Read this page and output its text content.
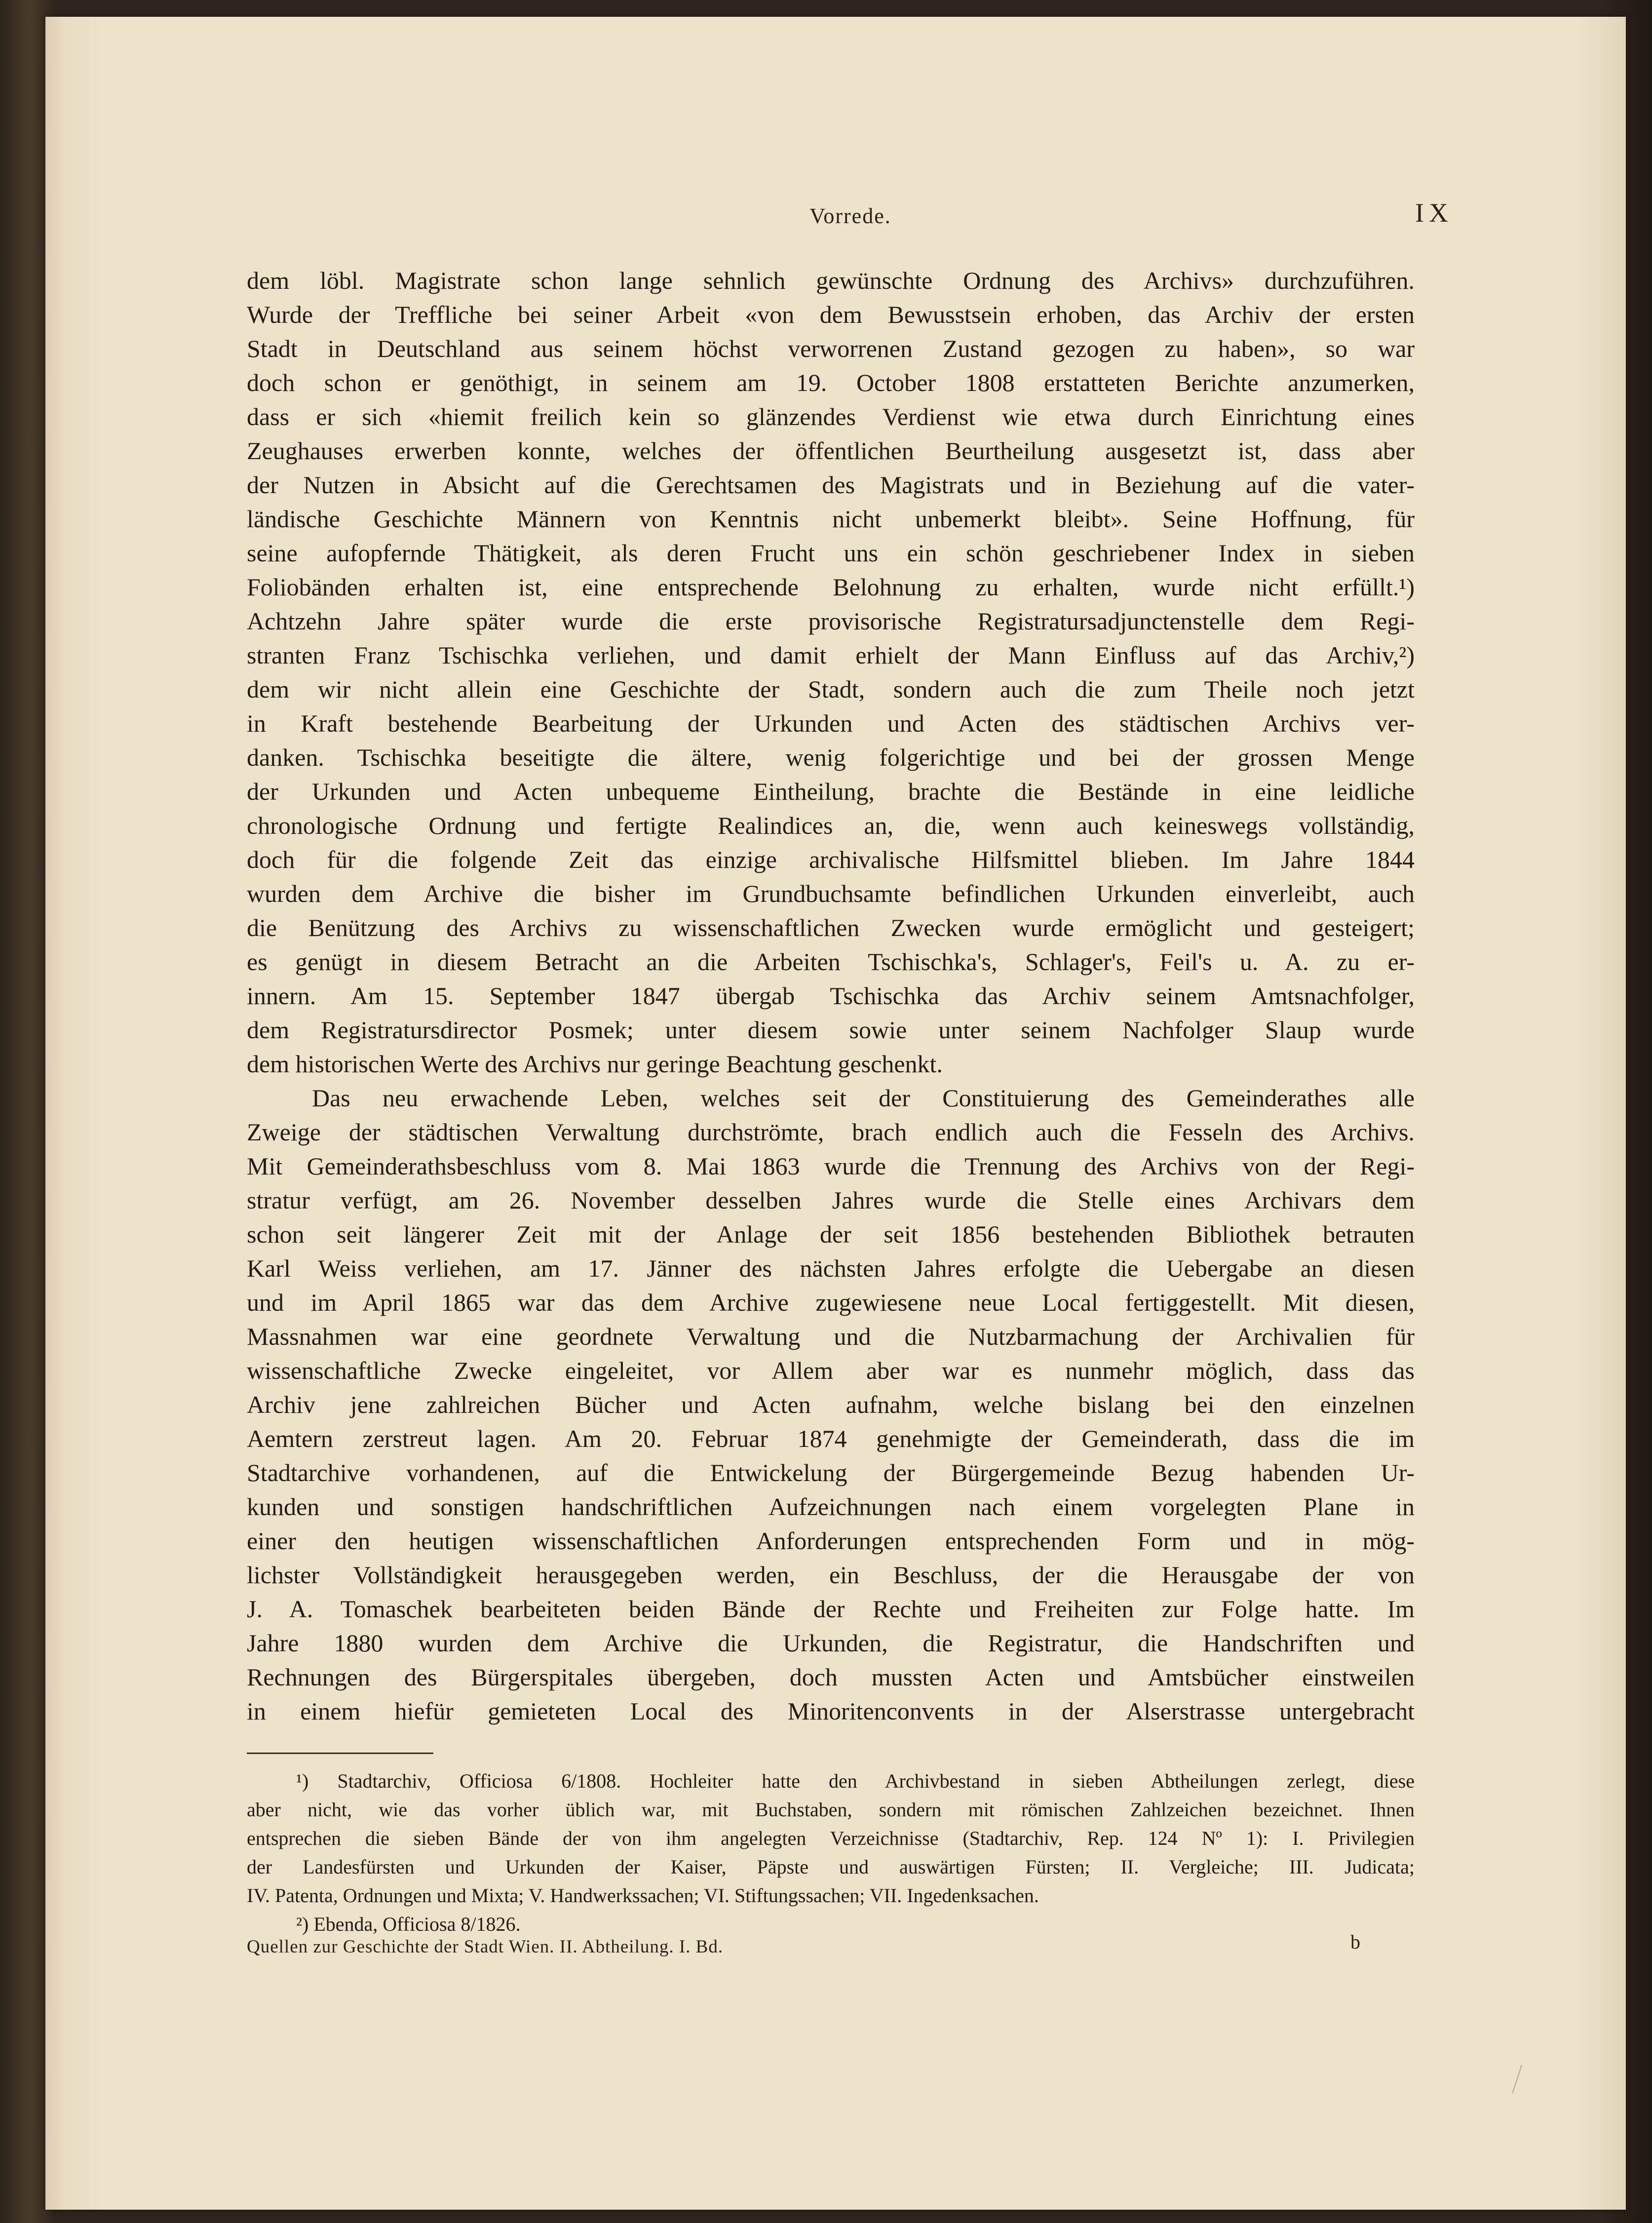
Vorrede.	IX
dem löbl. Magistrate schon lange sehnlich gewünschte Ordnung des Archivs» durchzuführen.
Wurde der Treffliche bei seiner Arbeit «von dem Bewusstsein erhoben, das Archiv der ersten
Stadt in Deutschland aus seinem höchst verworrenen Zustand gezogen zu haben», so war
doch schon er genöthigt, in seinem am 19. October 1808 erstatteten Berichte anzumerken,
dass er sich «hiemit freilich kein so glänzendes Verdienst wie etwa durch Einrichtung eines
Zeughauses erwerben konnte, welches der öffentlichen Beurtheilung ausgesetzt ist, dass aber
der Nutzen in Absicht auf die Gerechtsamen des Magistrats und in Beziehung auf die vater-
ländische Geschichte Männern von Kenntnis nicht unbemerkt bleibt». Seine Hoffnung, für
seine aufopfernde Thätigkeit, als deren Frucht uns ein schön geschriebener Index in sieben
Foliobänden erhalten ist, eine entsprechende Belohnung zu erhalten, wurde nicht erfüllt.¹)
Achtzehn Jahre später wurde die erste provisorische Registratursadjunctenstelle dem Regi-
stranten Franz Tschischka verliehen, und damit erhielt der Mann Einfluss auf das Archiv,²)
dem wir nicht allein eine Geschichte der Stadt, sondern auch die zum Theile noch jetzt
in Kraft bestehende Bearbeitung der Urkunden und Acten des städtischen Archivs ver-
danken. Tschischka beseitigte die ältere, wenig folgerichtige und bei der grossen Menge
der Urkunden und Acten unbequeme Eintheilung, brachte die Bestände in eine leidliche
chronologische Ordnung und fertigte Realindices an, die, wenn auch keineswegs vollständig,
doch für die folgende Zeit das einzige archivalische Hilfsmittel blieben. Im Jahre 1844
wurden dem Archive die bisher im Grundbuchsamte befindlichen Urkunden einverleibt, auch
die Benützung des Archivs zu wissenschaftlichen Zwecken wurde ermöglicht und gesteigert;
es genügt in diesem Betracht an die Arbeiten Tschischka's, Schlager's, Feil's u. A. zu er-
innern. Am 15. September 1847 übergab Tschischka das Archiv seinem Amtsnachfolger,
dem Registratursdirector Posmek; unter diesem sowie unter seinem Nachfolger Slaup wurde
dem historischen Werte des Archivs nur geringe Beachtung geschenkt.
Das neu erwachende Leben, welches seit der Constituierung des Gemeinderathes alle
Zweige der städtischen Verwaltung durchströmte, brach endlich auch die Fesseln des Archivs.
Mit Gemeinderathsbeschluss vom 8. Mai 1863 wurde die Trennung des Archivs von der Regi-
stratur verfügt, am 26. November desselben Jahres wurde die Stelle eines Archivars dem
schon seit längerer Zeit mit der Anlage der seit 1856 bestehenden Bibliothek betrauten
Karl Weiss verliehen, am 17. Jänner des nächsten Jahres erfolgte die Uebergabe an diesen
und im April 1865 war das dem Archive zugewiesene neue Local fertiggestellt. Mit diesen,
Massnahmen war eine geordnete Verwaltung und die Nutzbarmachung der Archivalien für
wissenschaftliche Zwecke eingeleitet, vor Allem aber war es nunmehr möglich, dass das
Archiv jene zahlreichen Bücher und Acten aufnahm, welche bislang bei den einzelnen
Aemtern zerstreut lagen. Am 20. Februar 1874 genehmigte der Gemeinderath, dass die im
Stadtarchive vorhandenen, auf die Entwickelung der Bürgergemeinde Bezug habenden Ur-
kunden und sonstigen handschriftlichen Aufzeichnungen nach einem vorgelegten Plane in
einer den heutigen wissenschaftlichen Anforderungen entsprechenden Form und in mög-
lichster Vollständigkeit herausgegeben werden, ein Beschluss, der die Herausgabe der von
J. A. Tomaschek bearbeiteten beiden Bände der Rechte und Freiheiten zur Folge hatte. Im
Jahre 1880 wurden dem Archive die Urkunden, die Registratur, die Handschriften und
Rechnungen des Bürgerspitales übergeben, doch mussten Acten und Amtsbücher einstweilen
in einem hiefür gemieteten Local des Minoritenconvents in der Alserstrasse untergebracht
¹) Stadtarchiv, Officiosa 6/1808. Hochleiter hatte den Archivbestand in sieben Abtheilungen zerlegt, diese
aber nicht, wie das vorher üblich war, mit Buchstaben, sondern mit römischen Zahlzeichen bezeichnet. Ihnen
entsprechen die sieben Bände der von ihm angelegten Verzeichnisse (Stadtarchiv, Rep. 124 Nº 1): I. Privilegien
der Landesfürsten und Urkunden der Kaiser, Päpste und auswärtigen Fürsten; II. Vergleiche; III. Judicata;
IV. Patenta, Ordnungen und Mixta; V. Handwerkssachen; VI. Stiftungssachen; VII. Ingedenksachen.
²) Ebenda, Officiosa 8/1826.
Quellen zur Geschichte der Stadt Wien. II. Abtheilung. I. Bd.	b
